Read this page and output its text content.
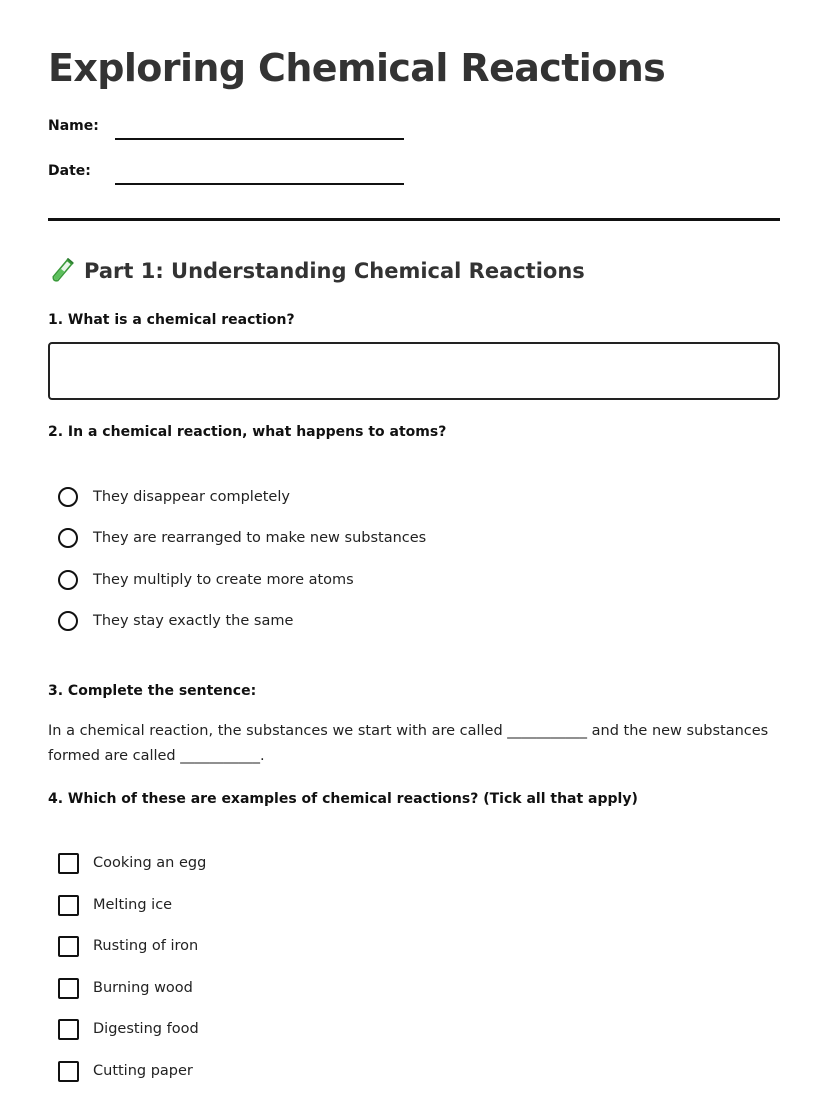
Exploring Chemical Reactions
Name:
Date:
Part 1: Understanding Chemical Reactions

1. What is a chemical reaction?

2. In a chemical reaction, what happens to atoms?

They disappear completely
They are rearranged to make new substances
They multiply to create more atoms
They stay exactly the same

3. Complete the sentence:

In a chemical reaction, the substances we start with are called ___________ and the new substances formed are called ___________.

4. Which of these are examples of chemical reactions? (Tick all that apply)

Cooking an egg
Melting ice
Rusting of iron
Burning wood
Digesting food
Cutting paper
